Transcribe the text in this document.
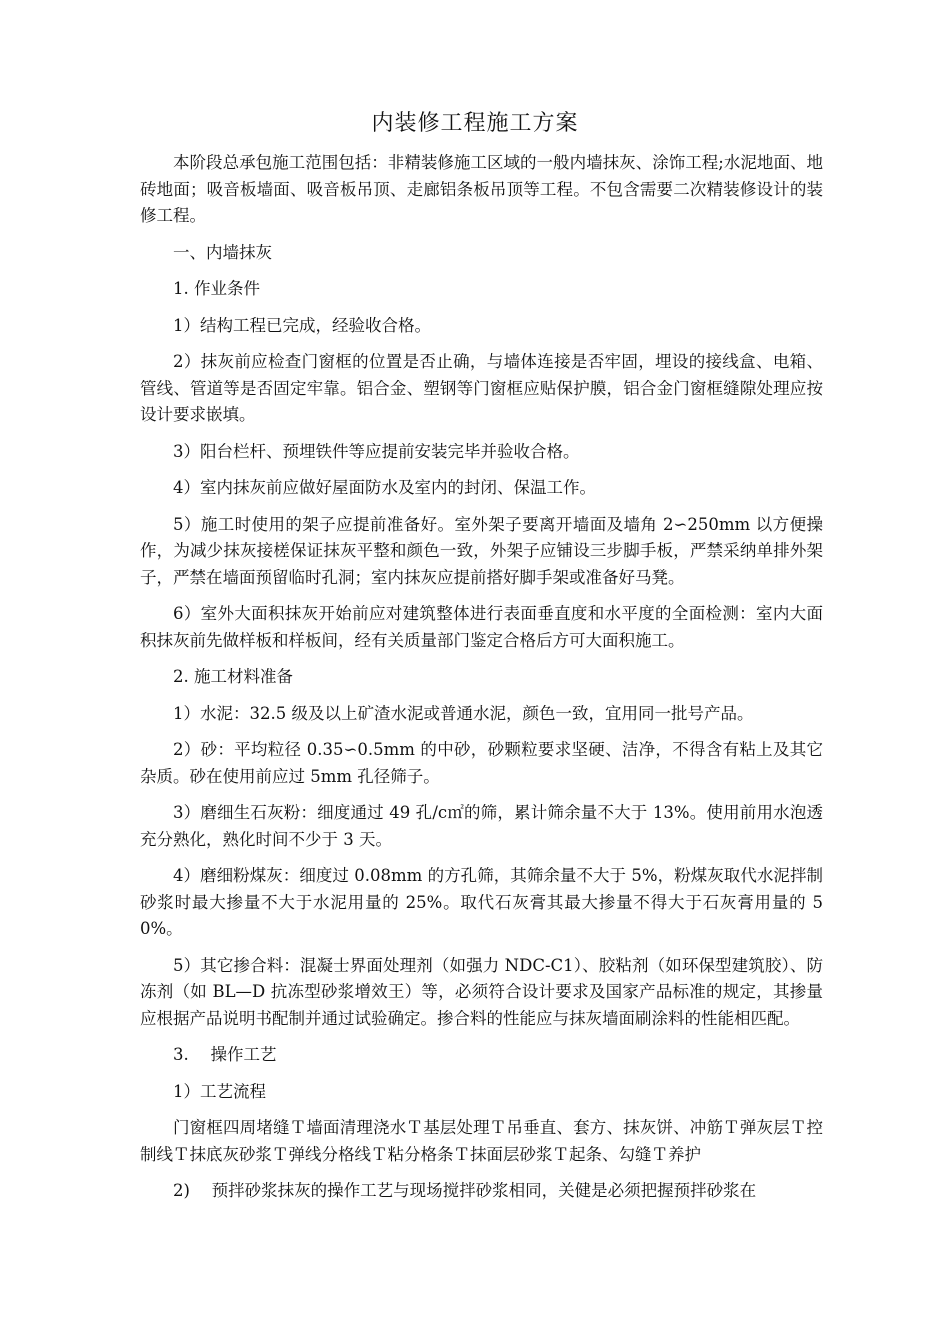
内装修工程施工方案

本阶段总承包施工范围包括：非精装修施工区域的一般内墙抹灰、涂饰工程;水泥地面、地砖地面；吸音板墙面、吸音板吊顶、走廊铝条板吊顶等工程。不包含需要二次精装修设计的装修工程。

一、内墙抹灰

1. 作业条件

1）结构工程已完成，经验收合格。

2）抹灰前应检查门窗框的位置是否止确，与墙体连接是否牢固，埋设的接线盒、电箱、管线、管道等是否固定牢靠。铝合金、塑钢等门窗框应贴保护膜，铝合金门窗框缝隙处理应按设计要求嵌填。

3）阳台栏杆、预埋铁件等应提前安装完毕并验收合格。

4）室内抹灰前应做好屋面防水及室内的封闭、保温工作。

5）施工时使用的架子应提前准备好。室外架子要离开墙面及墙角 2∽250mm 以方便操作，为减少抹灰接槎保证抹灰平整和颜色一致，外架子应铺设三步脚手板，严禁采纳单排外架子，严禁在墙面预留临时孔洞；室内抹灰应提前搭好脚手架或准备好马凳。

6）室外大面积抹灰开始前应对建筑整体进行表面垂直度和水平度的全面检测：室内大面积抹灰前先做样板和样板间，经有关质量部门鉴定合格后方可大面积施工。

2. 施工材料准备

1）水泥：32.5 级及以上矿渣水泥或普通水泥，颜色一致，宜用同一批号产品。

2）砂：平均粒径 0.35∽0.5mm 的中砂，砂颗粒要求坚硬、洁净，不得含有粘上及其它杂质。砂在使用前应过 5mm 孔径筛子。

3）磨细生石灰粉：细度通过 49 孔/c㎡的筛，累计筛余量不大于 13%。使用前用水泡透充分熟化，熟化时间不少于 3 天。

4）磨细粉煤灰：细度过 0.08mm 的方孔筛，其筛余量不大于 5%，粉煤灰取代水泥拌制砂浆时最大掺量不大于水泥用量的 25%。取代石灰膏其最大掺量不得大于石灰膏用量的 50%。

5）其它掺合料：混凝士界面处理剂（如强力 NDC-C1）、胶粘剂（如环保型建筑胶）、防冻剂（如 BL—D 抗冻型砂浆增效王）等，必须符合设计要求及国家产品标准的规定，其掺量应根据产品说明书配制并通过试验确定。掺合料的性能应与抹灰墙面刷涂料的性能相匹配。

3.　 操作工艺

1）工艺流程

门窗框四周堵缝Ｔ墙面清理浇水Ｔ基层处理Ｔ吊垂直、套方、抹灰饼、冲筋Ｔ弹灰层Ｔ控制线Ｔ抹底灰砂浆Ｔ弹线分格线Ｔ粘分格条Ｔ抹面层砂浆Ｔ起条、勾缝Ｔ养护

2)　 预拌砂浆抹灰的操作工艺与现场搅拌砂浆相同，关健是必须把握预拌砂浆在
